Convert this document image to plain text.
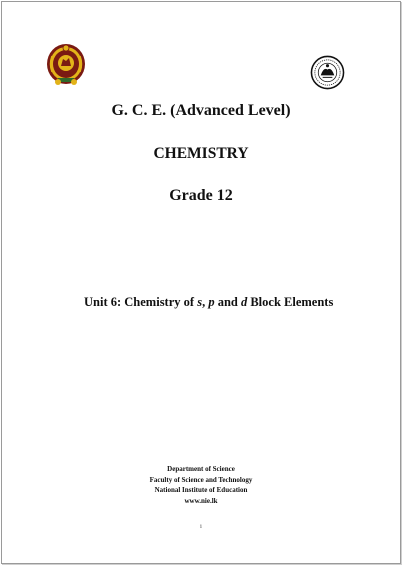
G. C. E. (Advanced Level)
CHEMISTRY
Grade 12
Unit 6: Chemistry of s, p and d Block Elements
Department of Science
Faculty of Science and Technology
National Institute of Education
www.nie.lk
i
